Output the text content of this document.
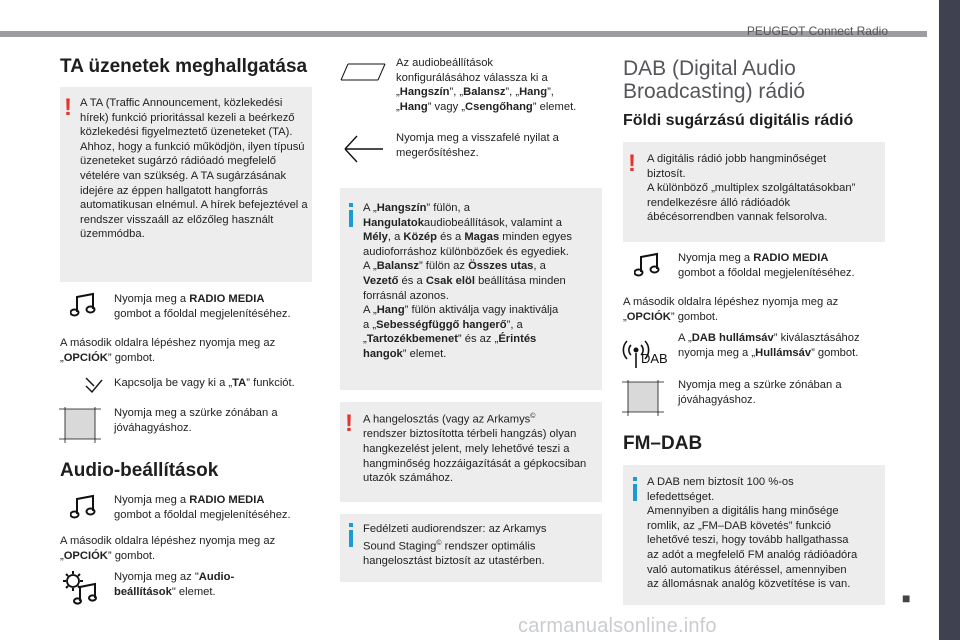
PEUGEOT Connect Radio
■
carmanualsonline.info
TA üzenetek meghallgatása
! A TA (Traffic Announcement, közlekedési hírek) funkció prioritással kezeli a beérkező közlekedési figyelmeztető üzeneteket (TA). Ahhoz, hogy a funkció működjön, ilyen típusú üzeneteket sugárzó rádióadó megfelelő vételére van szükség. A TA sugárzásának idejére az éppen hallgatott hangforrás automatikusan elnémul. A hírek befejeztével a rendszer visszaáll az előzőleg használt üzemmódba.
Nyomja meg a RADIO MEDIA
gombot a főoldal megjelenítéséhez.
A második oldalra lépéshez nyomja meg az
„OPCIÓK” gombot.
Kapcsolja be vagy ki a „TA” funkciót.
Nyomja meg a szürke zónában a jóváhagyáshoz.
Audio-beállítások
Nyomja meg a RADIO MEDIA
gombot a főoldal megjelenítéséhez.
A második oldalra lépéshez nyomja meg az
„OPCIÓK” gombot.
Nyomja meg az "Audio-
beállítások" elemet.
Az audiobeállítások
konfigurálásához válassza ki a
„Hangszín”, „Balansz”, „Hang”,
„Hang” vagy „Csengőhang” elemet.
Nyomja meg a visszafelé nyilat a megerősítéshez.
A „Hangszín” fülön, a
Hangulatokaudiobeállítások, valamint a
Mély, a Közép és a Magas minden egyes
audioforráshoz különbözőek és egyediek.
A „Balansz” fülön az Összes utas, a
Vezető és a Csak elöl beállítása minden
forrásnál azonos.
A „Hang” fülön aktiválja vagy inaktiválja
a „Sebességfüggő hangerő”, a
„Tartozékbemenet” és az „Érintés
hangok” elemet.
! A hangelosztás (vagy az Arkamys©
rendszer biztosította térbeli hangzás) olyan hangkezelést jelent, mely lehetővé teszi a hangminőség hozzáigazítását a gépkocsiban utazók számához.
Fedélzeti audiorendszer: az Arkamys
Sound Staging© rendszer optimális
hangelosztást biztosít az utastérben.
DAB (Digital Audio
Broadcasting) rádió
Földi sugárzású digitális rádió
! A digitális rádió jobb hangminőséget
biztosít.
A különböző „multiplex szolgáltatásokban”
rendelkezésre álló rádióadók
ábécésorrendben vannak felsorolva.
Nyomja meg a RADIO MEDIA
gombot a főoldal megjelenítéséhez.
A második oldalra lépéshez nyomja meg az
„OPCIÓK” gombot.
DAB
A „DAB hullámsáv” kiválasztásához
nyomja meg a „Hullámsáv” gombot.
Nyomja meg a szürke zónában a jóváhagyáshoz.
FM–DAB
A DAB nem biztosít 100 %-os
lefedettséget.
Amennyiben a digitális hang minősége
romlik, az „FM–DAB követés” funkció
lehetővé teszi, hogy tovább hallgathassa
az adót a megfelelő FM analóg rádióadóra
való automatikus átéréssel, amennyiben
az állomásnak analóg közvetítése is van.
